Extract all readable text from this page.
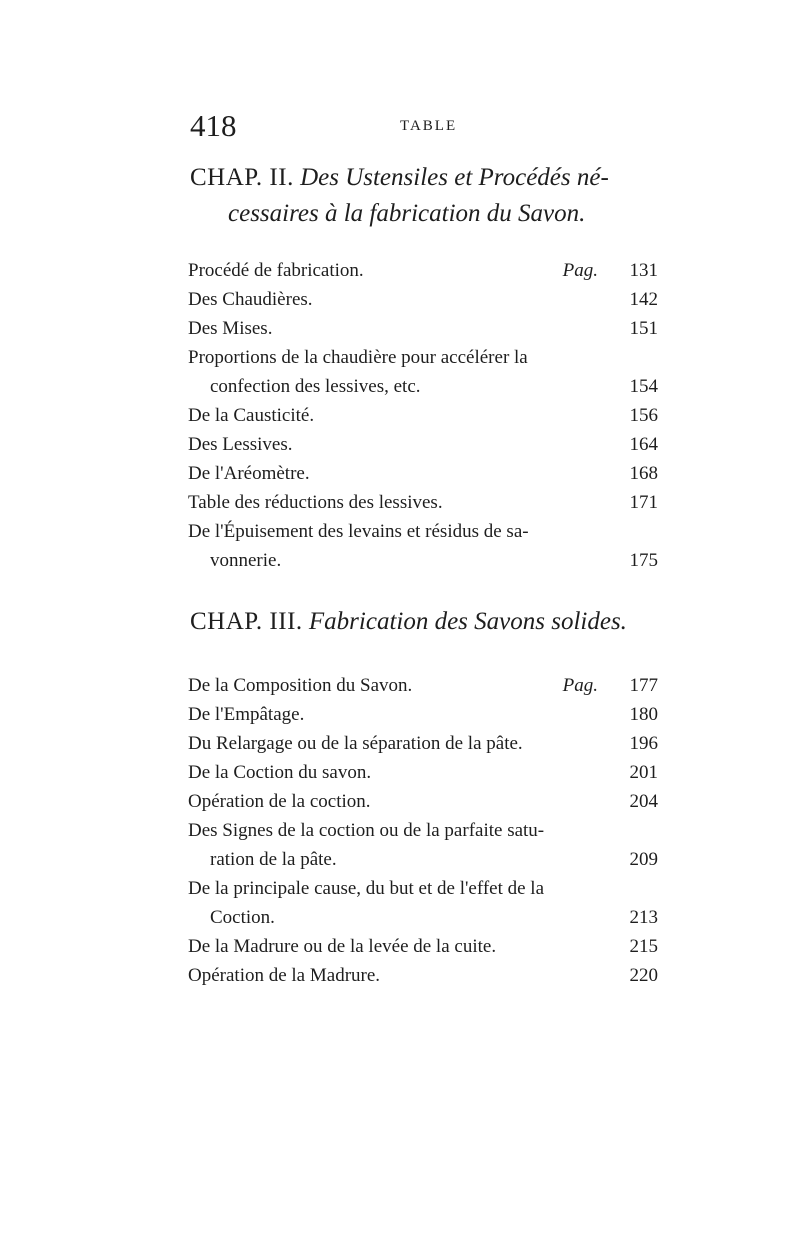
418	TABLE
CHAP. II. Des Ustensiles et Procédés né-
cessaires à la fabrication du Savon.
Procédé de fabrication.	Pag. 131
Des Chaudières.	142
Des Mises.	151
Proportions de la chaudière pour accélérer la
confection des lessives, etc.	154
De la Causticité.	156
Des Lessives.	164
De l'Aréomètre.	168
Table des réductions des lessives.	171
De l'Épuisement des levains et résidus de sa-
vonnerie.	175
CHAP. III. Fabrication des Savons solides.
De la Composition du Savon.	Pag. 177
De l'Empâtage.	180
Du Relargage ou de la séparation de la pâte.	196
De la Coction du savon.	201
Opération de la coction.	204
Des Signes de la coction ou de la parfaite satu-
ration de la pâte.	209
De la principale cause, du but et de l'effet de la
Coction.	213
De la Madrure ou de la levée de la cuite.	215
Opération de la Madrure.	220
